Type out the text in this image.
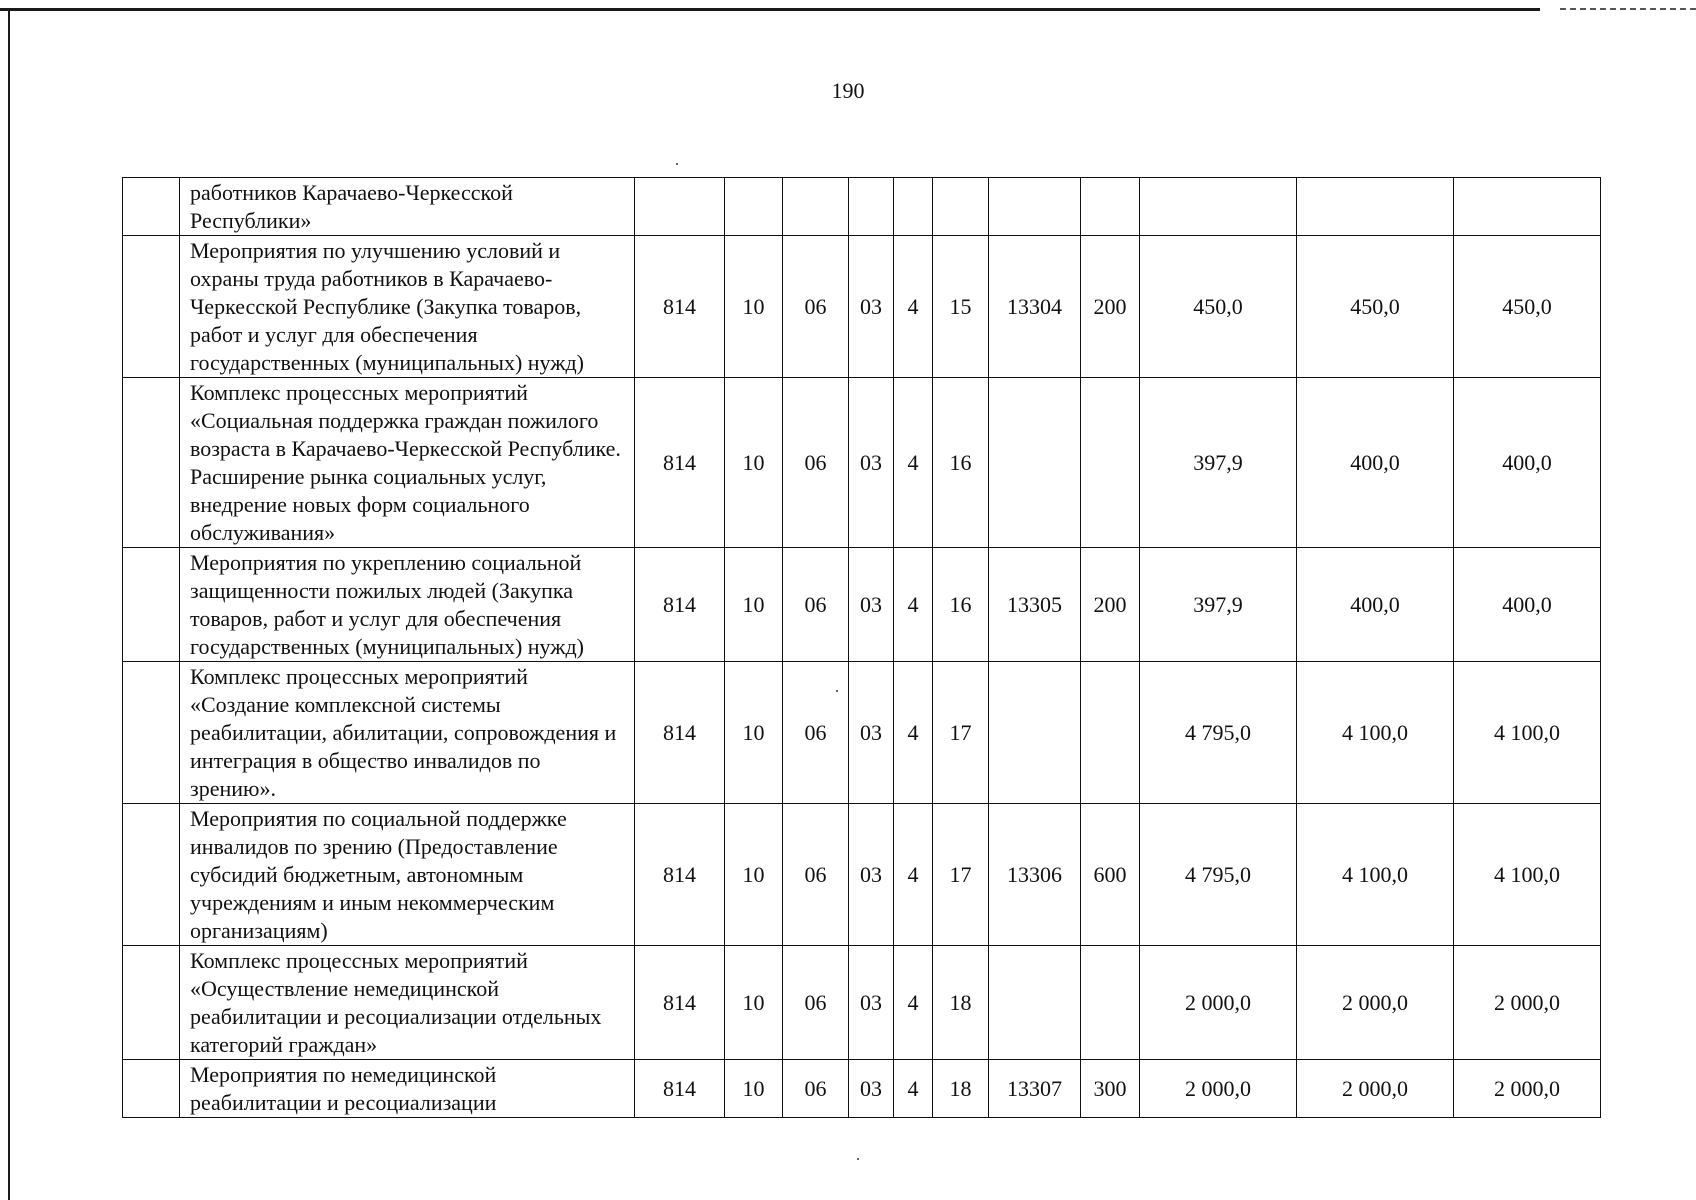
190
	работников Карачаево-Черкесской Республики»											
	Мероприятия по улучшению условий и охраны труда работников в Карачаево-Черкесской Республике (Закупка товаров, работ и услуг для обеспечения государственных (муниципальных) нужд)	814	10	06	03	4	15	13304	200	450,0	450,0	450,0
	Комплекс процессных мероприятий «Социальная поддержка граждан пожилого возраста в Карачаево-Черкесской Республике. Расширение рынка социальных услуг, внедрение новых форм социального обслуживания»	814	10	06	03	4	16			397,9	400,0	400,0
	Мероприятия по укреплению социальной защищенности пожилых людей (Закупка товаров, работ и услуг для обеспечения государственных (муниципальных) нужд)	814	10	06	03	4	16	13305	200	397,9	400,0	400,0
	Комплекс процессных мероприятий «Создание комплексной системы реабилитации, абилитации, сопровождения и интеграция в общество инвалидов по зрению».	814	10	06	03	4	17			4 795,0	4 100,0	4 100,0
	Мероприятия по социальной поддержке инвалидов по зрению (Предоставление субсидий бюджетным, автономным учреждениям и иным некоммерческим организациям)	814	10	06	03	4	17	13306	600	4 795,0	4 100,0	4 100,0
	Комплекс процессных мероприятий «Осуществление немедицинской реабилитации и ресоциализации отдельных категорий граждан»	814	10	06	03	4	18			2 000,0	2 000,0	2 000,0
	Мероприятия по немедицинской реабилитации и ресоциализации	814	10	06	03	4	18	13307	300	2 000,0	2 000,0	2 000,0
